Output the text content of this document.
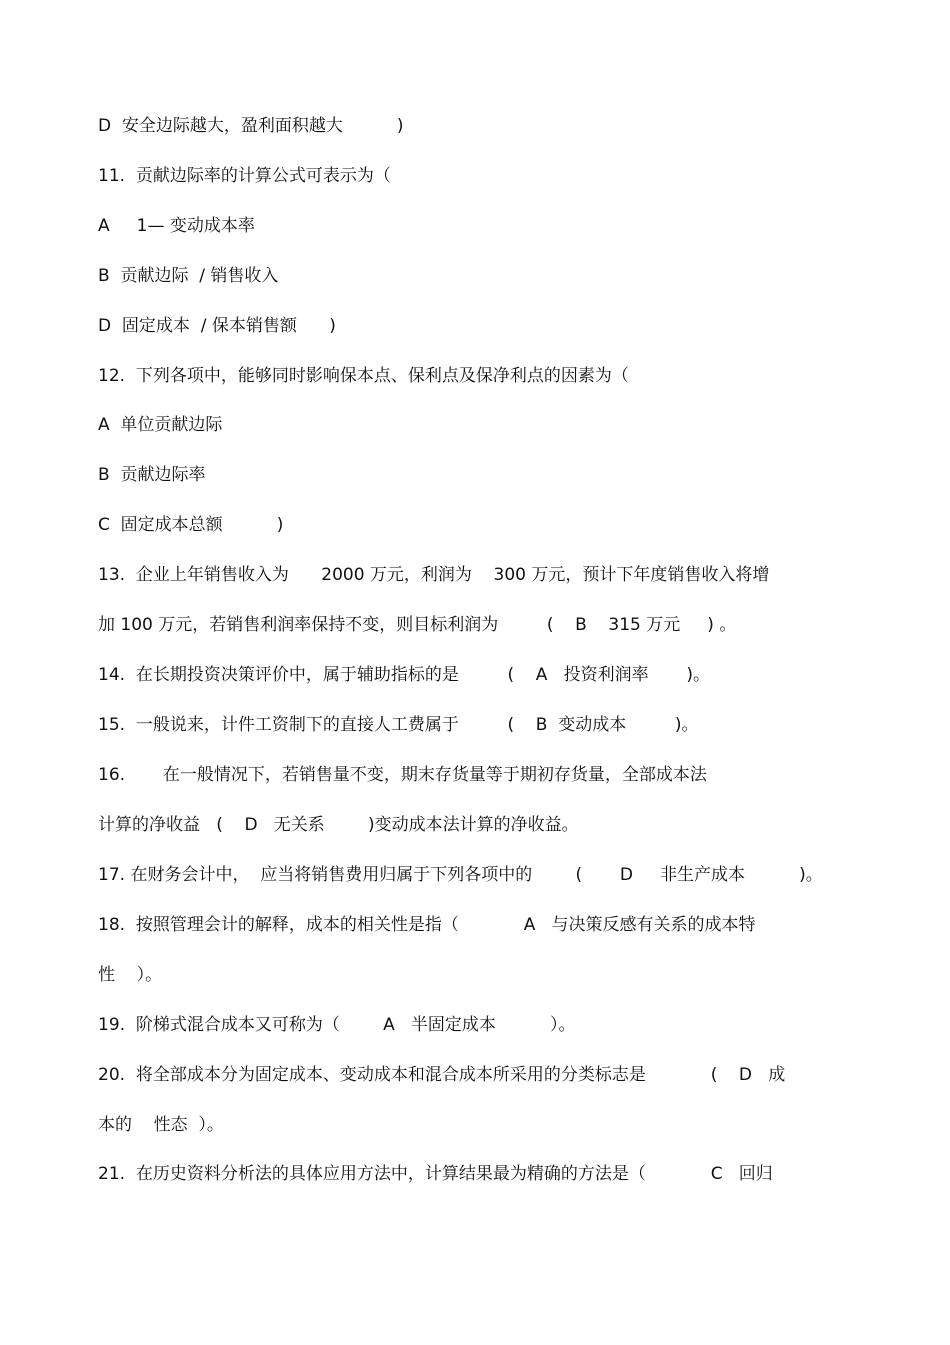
D  安全边际越大，盈利面积越大          )
11.  贡献边际率的计算公式可表示为（
A     1— 变动成本率
B  贡献边际  / 销售收入
D  固定成本  / 保本销售额      )
12.  下列各项中，能够同时影响保本点、保利点及保净利点的因素为（
A  单位贡献边际
B  贡献边际率
C  固定成本总额          )
13.  企业上年销售收入为      2000 万元，利润为    300 万元，预计下年度销售收入将增
加 100 万元，若销售利润率保持不变，则目标利润为         (    B    315 万元     ) 。
14.  在长期投资决策评价中，属于辅助指标的是         (    A   投资利润率       )。
15.  一般说来，计件工资制下的直接人工费属于         (    B  变动成本         )。
16.       在一般情况下，若销售量不变，期末存货量等于期初存货量，全部成本法
计算的净收益   (    D   无关系        )变动成本法计算的净收益。
17. 在财务会计中，  应当将销售费用归属于下列各项中的        (       D     非生产成本          )。
18.  按照管理会计的解释，成本的相关性是指（            A   与决策反感有关系的成本特
性    ）。
19.  阶梯式混合成本又可称为（        A   半固定成本          ）。
20.  将全部成本分为固定成本、变动成本和混合成本所采用的分类标志是            (    D   成
本的    性态  ）。
21.  在历史资料分析法的具体应用方法中，计算结果最为精确的方法是（            C   回归
